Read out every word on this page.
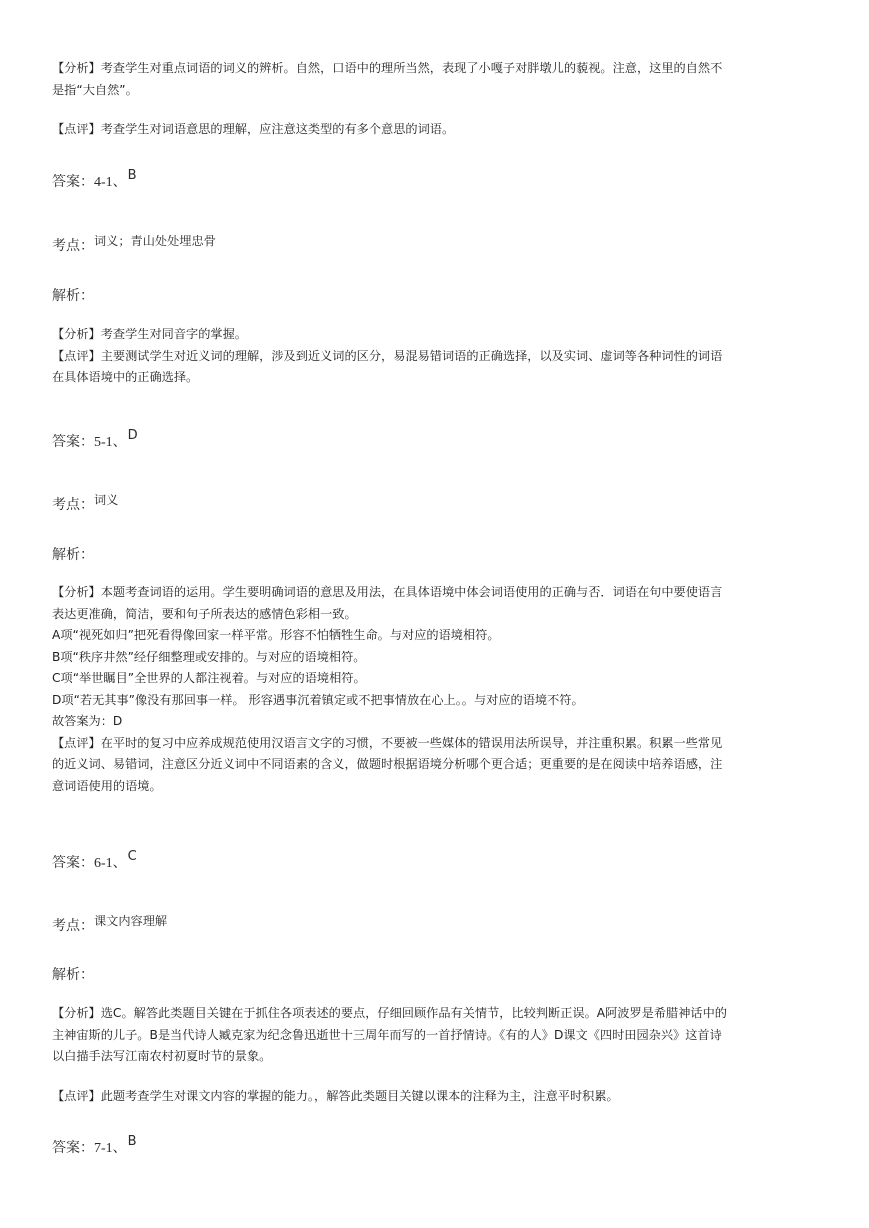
【分析】考查学生对重点词语的词义的辨析。自然，口语中的理所当然，表现了小嘎子对胖墩儿的藐视。注意，这里的自然不
是指“大自然”。
【点评】考查学生对词语意思的理解，应注意这类型的有多个意思的词语。
答案：4-1、B
考点：词义；青山处处埋忠骨
解析：
【分析】考查学生对同音字的掌握。
【点评】主要测试学生对近义词的理解，涉及到近义词的区分，易混易错词语的正确选择，以及实词、虚词等各种词性的词语
在具体语境中的正确选择。
答案：5-1、D
考点：词义
解析：
【分析】本题考查词语的运用。学生要明确词语的意思及用法，在具体语境中体会词语使用的正确与否．词语在句中要使语言
表达更准确，简洁，要和句子所表达的感情色彩相一致。
A项“视死如归”把死看得像回家一样平常。形容不怕牺牲生命。与对应的语境相符。
B项“秩序井然”经仔细整理或安排的。与对应的语境相符。
C项“举世瞩目”全世界的人都注视着。与对应的语境相符。
D项“若无其事”像没有那回事一样。 形容遇事沉着镇定或不把事情放在心上。。与对应的语境不符。
故答案为：D
【点评】在平时的复习中应养成规范使用汉语言文字的习惯，不要被一些媒体的错误用法所误导，并注重积累。积累一些常见
的近义词、易错词，注意区分近义词中不同语素的含义，做题时根据语境分析哪个更合适；更重要的是在阅读中培养语感，注
意词语使用的语境。
答案：6-1、C
考点：课文内容理解
解析：
【分析】选C。解答此类题目关键在于抓住各项表述的要点，仔细回顾作品有关情节，比较判断正误。A阿波罗是希腊神话中的
主神宙斯的儿子。B是当代诗人臧克家为纪念鲁迅逝世十三周年而写的一首抒情诗。《有的人》D课文《四时田园杂兴》这首诗
以白描手法写江南农村初夏时节的景象。
【点评】此题考查学生对课文内容的掌握的能力。，解答此类题目关键以课本的注释为主，注意平时积累。
答案：7-1、B
